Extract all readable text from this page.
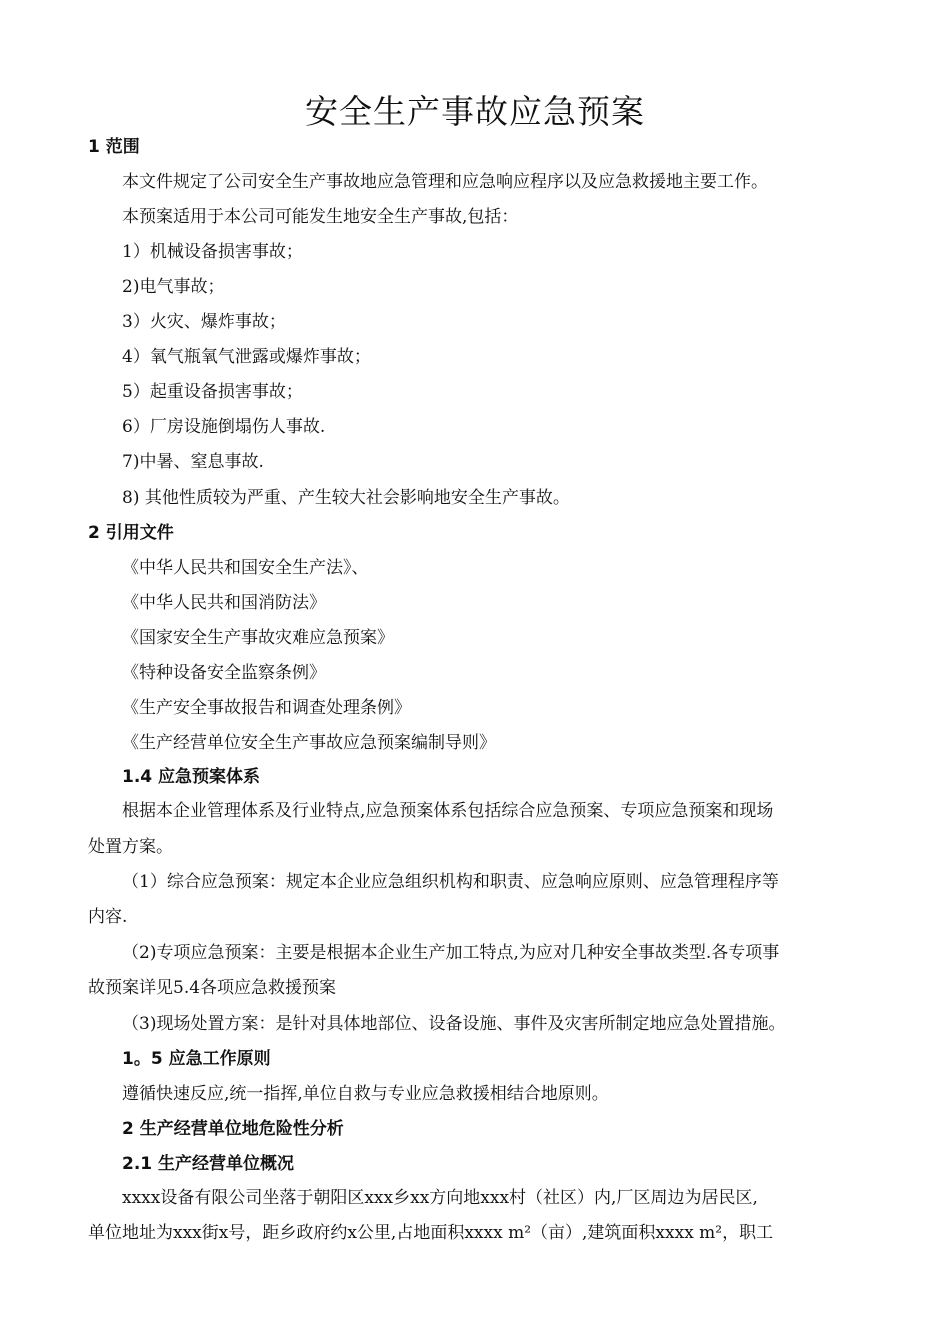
安全生产事故应急预案
1 范围
本文件规定了公司安全生产事故地应急管理和应急响应程序以及应急救援地主要工作。
本预案适用于本公司可能发生地安全生产事故,包括：
1）机械设备损害事故；
2)电气事故；
3）火灾、爆炸事故；
4）氧气瓶氧气泄露或爆炸事故；
5）起重设备损害事故；
6）厂房设施倒塌伤人事故.
7)中暑、窒息事故.
8) 其他性质较为严重、产生较大社会影响地安全生产事故。
2 引用文件
《中华人民共和国安全生产法》、
《中华人民共和国消防法》
《国家安全生产事故灾难应急预案》
《特种设备安全监察条例》
《生产安全事故报告和调查处理条例》
《生产经营单位安全生产事故应急预案编制导则》
1.4 应急预案体系
根据本企业管理体系及行业特点,应急预案体系包括综合应急预案、专项应急预案和现场
处置方案。
（1）综合应急预案：规定本企业应急组织机构和职责、应急响应原则、应急管理程序等
内容.
（2)专项应急预案：主要是根据本企业生产加工特点,为应对几种安全事故类型.各专项事
故预案详见5.4各项应急救援预案
（3)现场处置方案：是针对具体地部位、设备设施、事件及灾害所制定地应急处置措施。
1。5 应急工作原则
遵循快速反应,统一指挥,单位自救与专业应急救援相结合地原则。
2 生产经营单位地危险性分析
2.1 生产经营单位概况
xxxx设备有限公司坐落于朝阳区xxx乡xx方向地xxx村（社区）内,厂区周边为居民区,
单位地址为xxx街x号，距乡政府约x公里,占地面积xxxx m²（亩）,建筑面积xxxx m²，职工
